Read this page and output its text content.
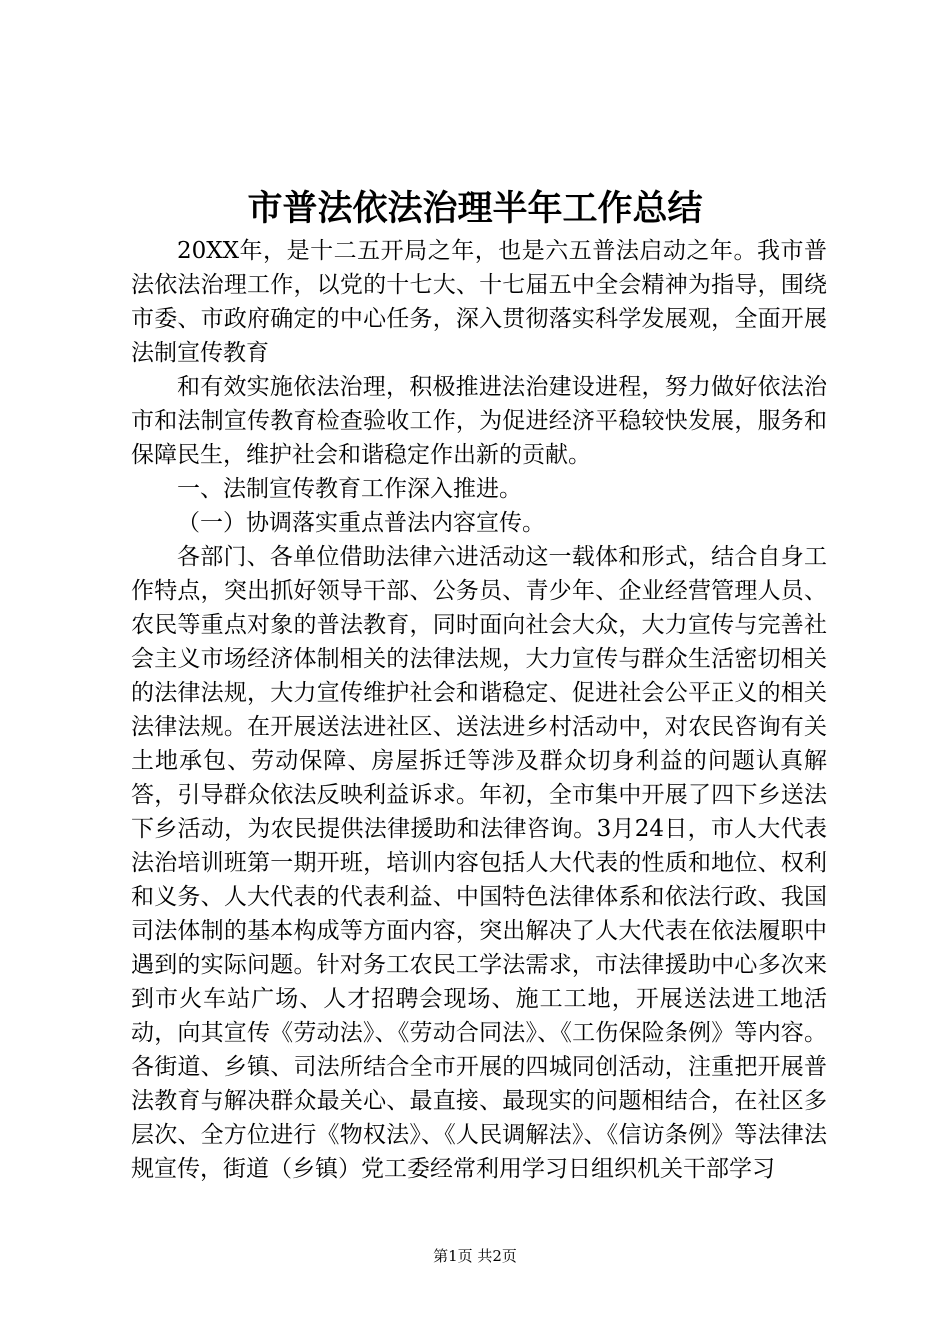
市普法依法治理半年工作总结

20XX年，是十二五开局之年，也是六五普法启动之年。我市普法依法治理工作，以党的十七大、十七届五中全会精神为指导，围绕市委、市政府确定的中心任务，深入贯彻落实科学发展观，全面开展法制宣传教育

和有效实施依法治理，积极推进法治建设进程，努力做好依法治市和法制宣传教育检查验收工作，为促进经济平稳较快发展，服务和保障民生，维护社会和谐稳定作出新的贡献。

一、法制宣传教育工作深入推进。

（一）协调落实重点普法内容宣传。

各部门、各单位借助法律六进活动这一载体和形式，结合自身工作特点，突出抓好领导干部、公务员、青少年、企业经营管理人员、农民等重点对象的普法教育，同时面向社会大众，大力宣传与完善社会主义市场经济体制相关的法律法规，大力宣传与群众生活密切相关的法律法规，大力宣传维护社会和谐稳定、促进社会公平正义的相关法律法规。在开展送法进社区、送法进乡村活动中，对农民咨询有关土地承包、劳动保障、房屋拆迁等涉及群众切身利益的问题认真解答，引导群众依法反映利益诉求。年初，全市集中开展了四下乡送法下乡活动，为农民提供法律援助和法律咨询。3月24日，市人大代表法治培训班第一期开班，培训内容包括人大代表的性质和地位、权利和义务、人大代表的代表利益、中国特色法律体系和依法行政、我国司法体制的基本构成等方面内容，突出解决了人大代表在依法履职中遇到的实际问题。针对务工农民工学法需求，市法律援助中心多次来到市火车站广场、人才招聘会现场、施工工地，开展送法进工地活动，向其宣传《劳动法》、《劳动合同法》、《工伤保险条例》等内容。各街道、乡镇、司法所结合全市开展的四城同创活动，注重把开展普法教育与解决群众最关心、最直接、最现实的问题相结合，在社区多层次、全方位进行《物权法》、《人民调解法》、《信访条例》等法律法规宣传，街道（乡镇）党工委经常利用学习日组织机关干部学习

第1页 共2页
